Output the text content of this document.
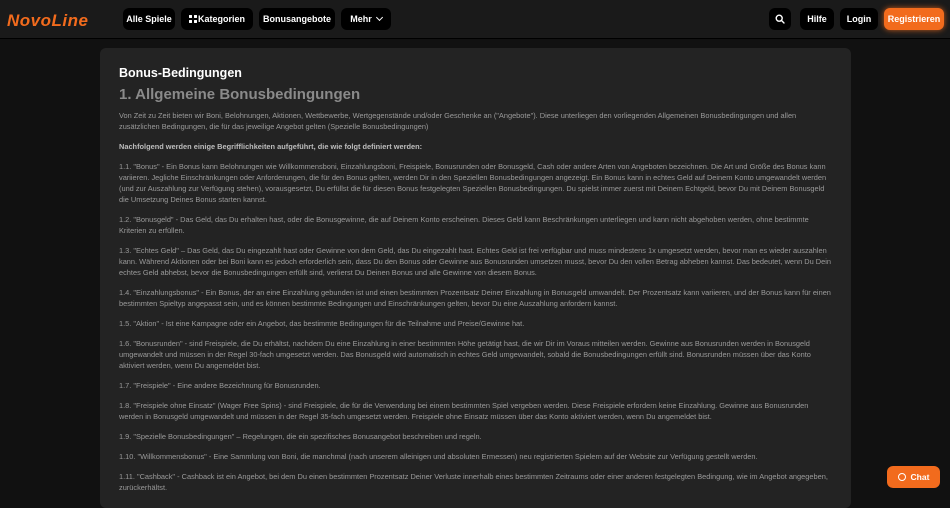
NovoLine	Alle Spiele	Kategorien	Bonusangebote	Mehr	Hilfe	Login	Registrieren
Bonus-Bedingungen
1. Allgemeine Bonusbedingungen
Von Zeit zu Zeit bieten wir Boni, Belohnungen, Aktionen, Wettbewerbe, Wertgegenstände und/oder Geschenke an ("Angebote"). Diese unterliegen den vorliegenden Allgemeinen Bonusbedingungen und allen zusätzlichen Bedingungen, die für das jeweilige Angebot gelten (Spezielle Bonusbedingungen)
Nachfolgend werden einige Begrifflichkeiten aufgeführt, die wie folgt definiert werden:
1.1. "Bonus" - Ein Bonus kann Belohnungen wie Willkommensboni, Einzahlungsboni, Freispiele, Bonusrunden oder Bonusgeld, Cash oder andere Arten von Angeboten bezeichnen. Die Art und Größe des Bonus kann variieren. Jegliche Einschränkungen oder Anforderungen, die für den Bonus gelten, werden Dir in den Speziellen Bonusbedingungen angezeigt. Ein Bonus kann in echtes Geld auf Deinem Konto umgewandelt werden (und zur Auszahlung zur Verfügung stehen), vorausgesetzt, Du erfüllst die für diesen Bonus festgelegten Speziellen Bonusbedingungen. Du spielst immer zuerst mit Deinem Echtgeld, bevor Du mit Deinem Bonusgeld die Umsetzung Deines Bonus starten kannst.
1.2. "Bonusgeld" - Das Geld, das Du erhalten hast, oder die Bonusgewinne, die auf Deinem Konto erscheinen. Dieses Geld kann Beschränkungen unterliegen und kann nicht abgehoben werden, ohne bestimmte Kriterien zu erfüllen.
1.3. "Echtes Geld" – Das Geld, das Du eingezahlt hast oder Gewinne von dem Geld, das Du eingezahlt hast. Echtes Geld ist frei verfügbar und muss mindestens 1x umgesetzt werden, bevor man es wieder auszahlen kann. Während Aktionen oder bei Boni kann es jedoch erforderlich sein, dass Du den Bonus oder Gewinne aus Bonusrunden umsetzen musst, bevor Du den vollen Betrag abheben kannst. Das bedeutet, wenn Du Dein echtes Geld abhebst, bevor die Bonusbedingungen erfüllt sind, verlierst Du Deinen Bonus und alle Gewinne von diesem Bonus.
1.4. "Einzahlungsbonus" - Ein Bonus, der an eine Einzahlung gebunden ist und einen bestimmten Prozentsatz Deiner Einzahlung in Bonusgeld umwandelt. Der Prozentsatz kann variieren, und der Bonus kann für einen bestimmten Spieltyp angepasst sein, und es können bestimmte Bedingungen und Einschränkungen gelten, bevor Du eine Auszahlung anfordern kannst.
1.5. "Aktion" - Ist eine Kampagne oder ein Angebot, das bestimmte Bedingungen für die Teilnahme und Preise/Gewinne hat.
1.6. "Bonusrunden" - sind Freispiele, die Du erhältst, nachdem Du eine Einzahlung in einer bestimmten Höhe getätigt hast, die wir Dir im Voraus mitteilen werden. Gewinne aus Bonusrunden werden in Bonusgeld umgewandelt und müssen in der Regel 30-fach umgesetzt werden. Das Bonusgeld wird automatisch in echtes Geld umgewandelt, sobald die Bonusbedingungen erfüllt sind. Bonusrunden müssen über das Konto aktiviert werden, wenn Du angemeldet bist.
1.7. "Freispiele" - Eine andere Bezeichnung für Bonusrunden.
1.8. "Freispiele ohne Einsatz" (Wager Free Spins) - sind Freispiele, die für die Verwendung bei einem bestimmten Spiel vergeben werden. Diese Freispiele erfordern keine Einzahlung. Gewinne aus Bonusrunden werden in Bonusgeld umgewandelt und müssen in der Regel 35-fach umgesetzt werden. Freispiele ohne Einsatz müssen über das Konto aktiviert werden, wenn Du angemeldet bist.
1.9. "Spezielle Bonusbedingungen" – Regelungen, die ein spezifisches Bonusangebot beschreiben und regeln.
1.10. "Willkommensbonus" - Eine Sammlung von Boni, die manchmal (nach unserem alleinigen und absoluten Ermessen) neu registrierten Spielern auf der Website zur Verfügung gestellt werden.
1.11. "Cashback" - Cashback ist ein Angebot, bei dem Du einen bestimmten Prozentsatz Deiner Verluste innerhalb eines bestimmten Zeitraums oder einer anderen festgelegten Bedingung, wie im Angebot angegeben, zurückerhältst.
Chat
